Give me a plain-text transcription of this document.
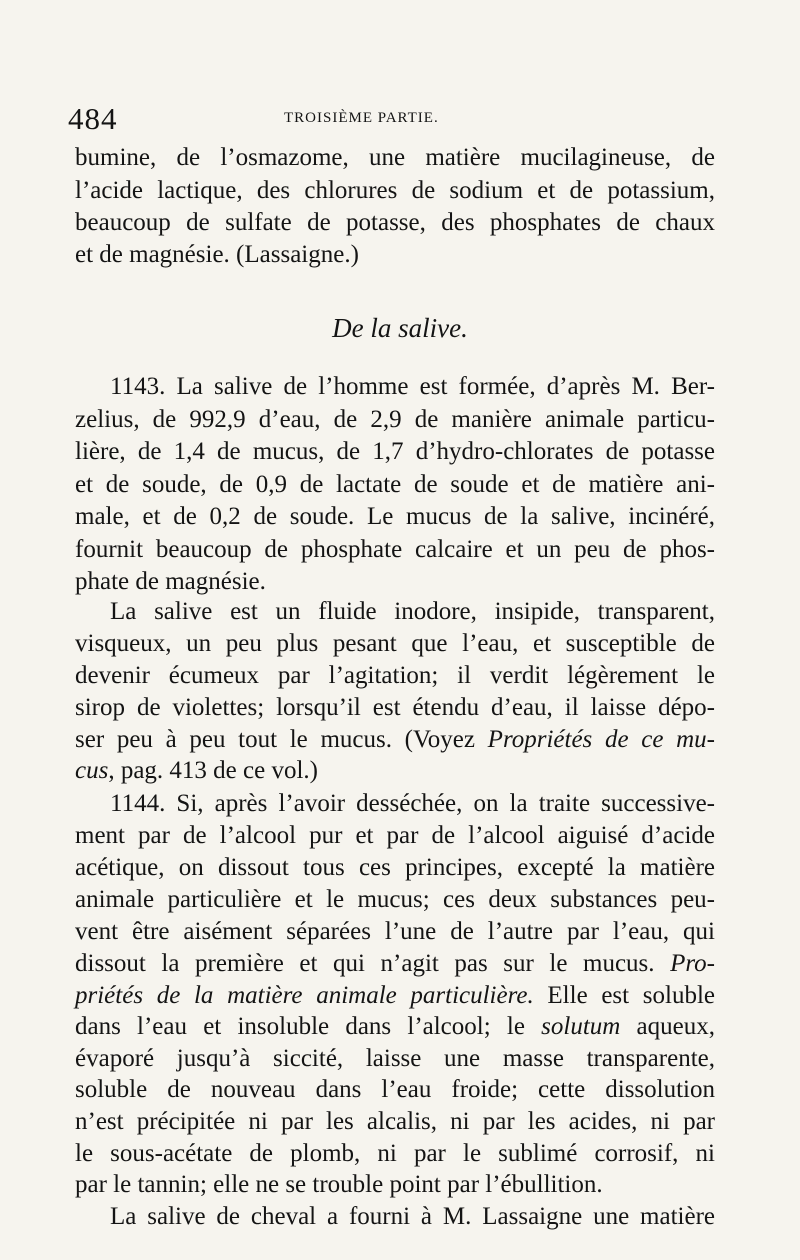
484	TROISIÈME PARTIE.
bumine, de l’osmazome, une matière mucilagineuse, de
l’acide lactique, des chlorures de sodium et de potassium,
beaucoup de sulfate de potasse, des phosphates de chaux
et de magnésie. (Lassaigne.)
De la salive.
1143. La salive de l’homme est formée, d’après M. Ber-
zelius, de 992,9 d’eau, de 2,9 de manière animale particu-
lière, de 1,4 de mucus, de 1,7 d’hydro-chlorates de potasse
et de soude, de 0,9 de lactate de soude et de matière ani-
male, et de 0,2 de soude. Le mucus de la salive, incinéré,
fournit beaucoup de phosphate calcaire et un peu de phos-
phate de magnésie.
La salive est un fluide inodore, insipide, transparent,
visqueux, un peu plus pesant que l’eau, et susceptible de
devenir écumeux par l’agitation; il verdit légèrement le
sirop de violettes; lorsqu’il est étendu d’eau, il laisse dépo-
ser peu à peu tout le mucus. (Voyez Propriétés de ce mu-
cus, pag. 413 de ce vol.)
1144. Si, après l’avoir desséchée, on la traite successive-
ment par de l’alcool pur et par de l’alcool aiguisé d’acide
acétique, on dissout tous ces principes, excepté la matière
animale particulière et le mucus; ces deux substances peu-
vent être aisément séparées l’une de l’autre par l’eau, qui
dissout la première et qui n’agit pas sur le mucus. Pro-
priétés de la matière animale particulière. Elle est soluble
dans l’eau et insoluble dans l’alcool; le solutum aqueux,
évaporé jusqu’à siccité, laisse une masse transparente,
soluble de nouveau dans l’eau froide; cette dissolution
n’est précipitée ni par les alcalis, ni par les acides, ni par
le sous-acétate de plomb, ni par le sublimé corrosif, ni
par le tannin; elle ne se trouble point par l’ébullition.
La salive de cheval a fourni à M. Lassaigne une matière
